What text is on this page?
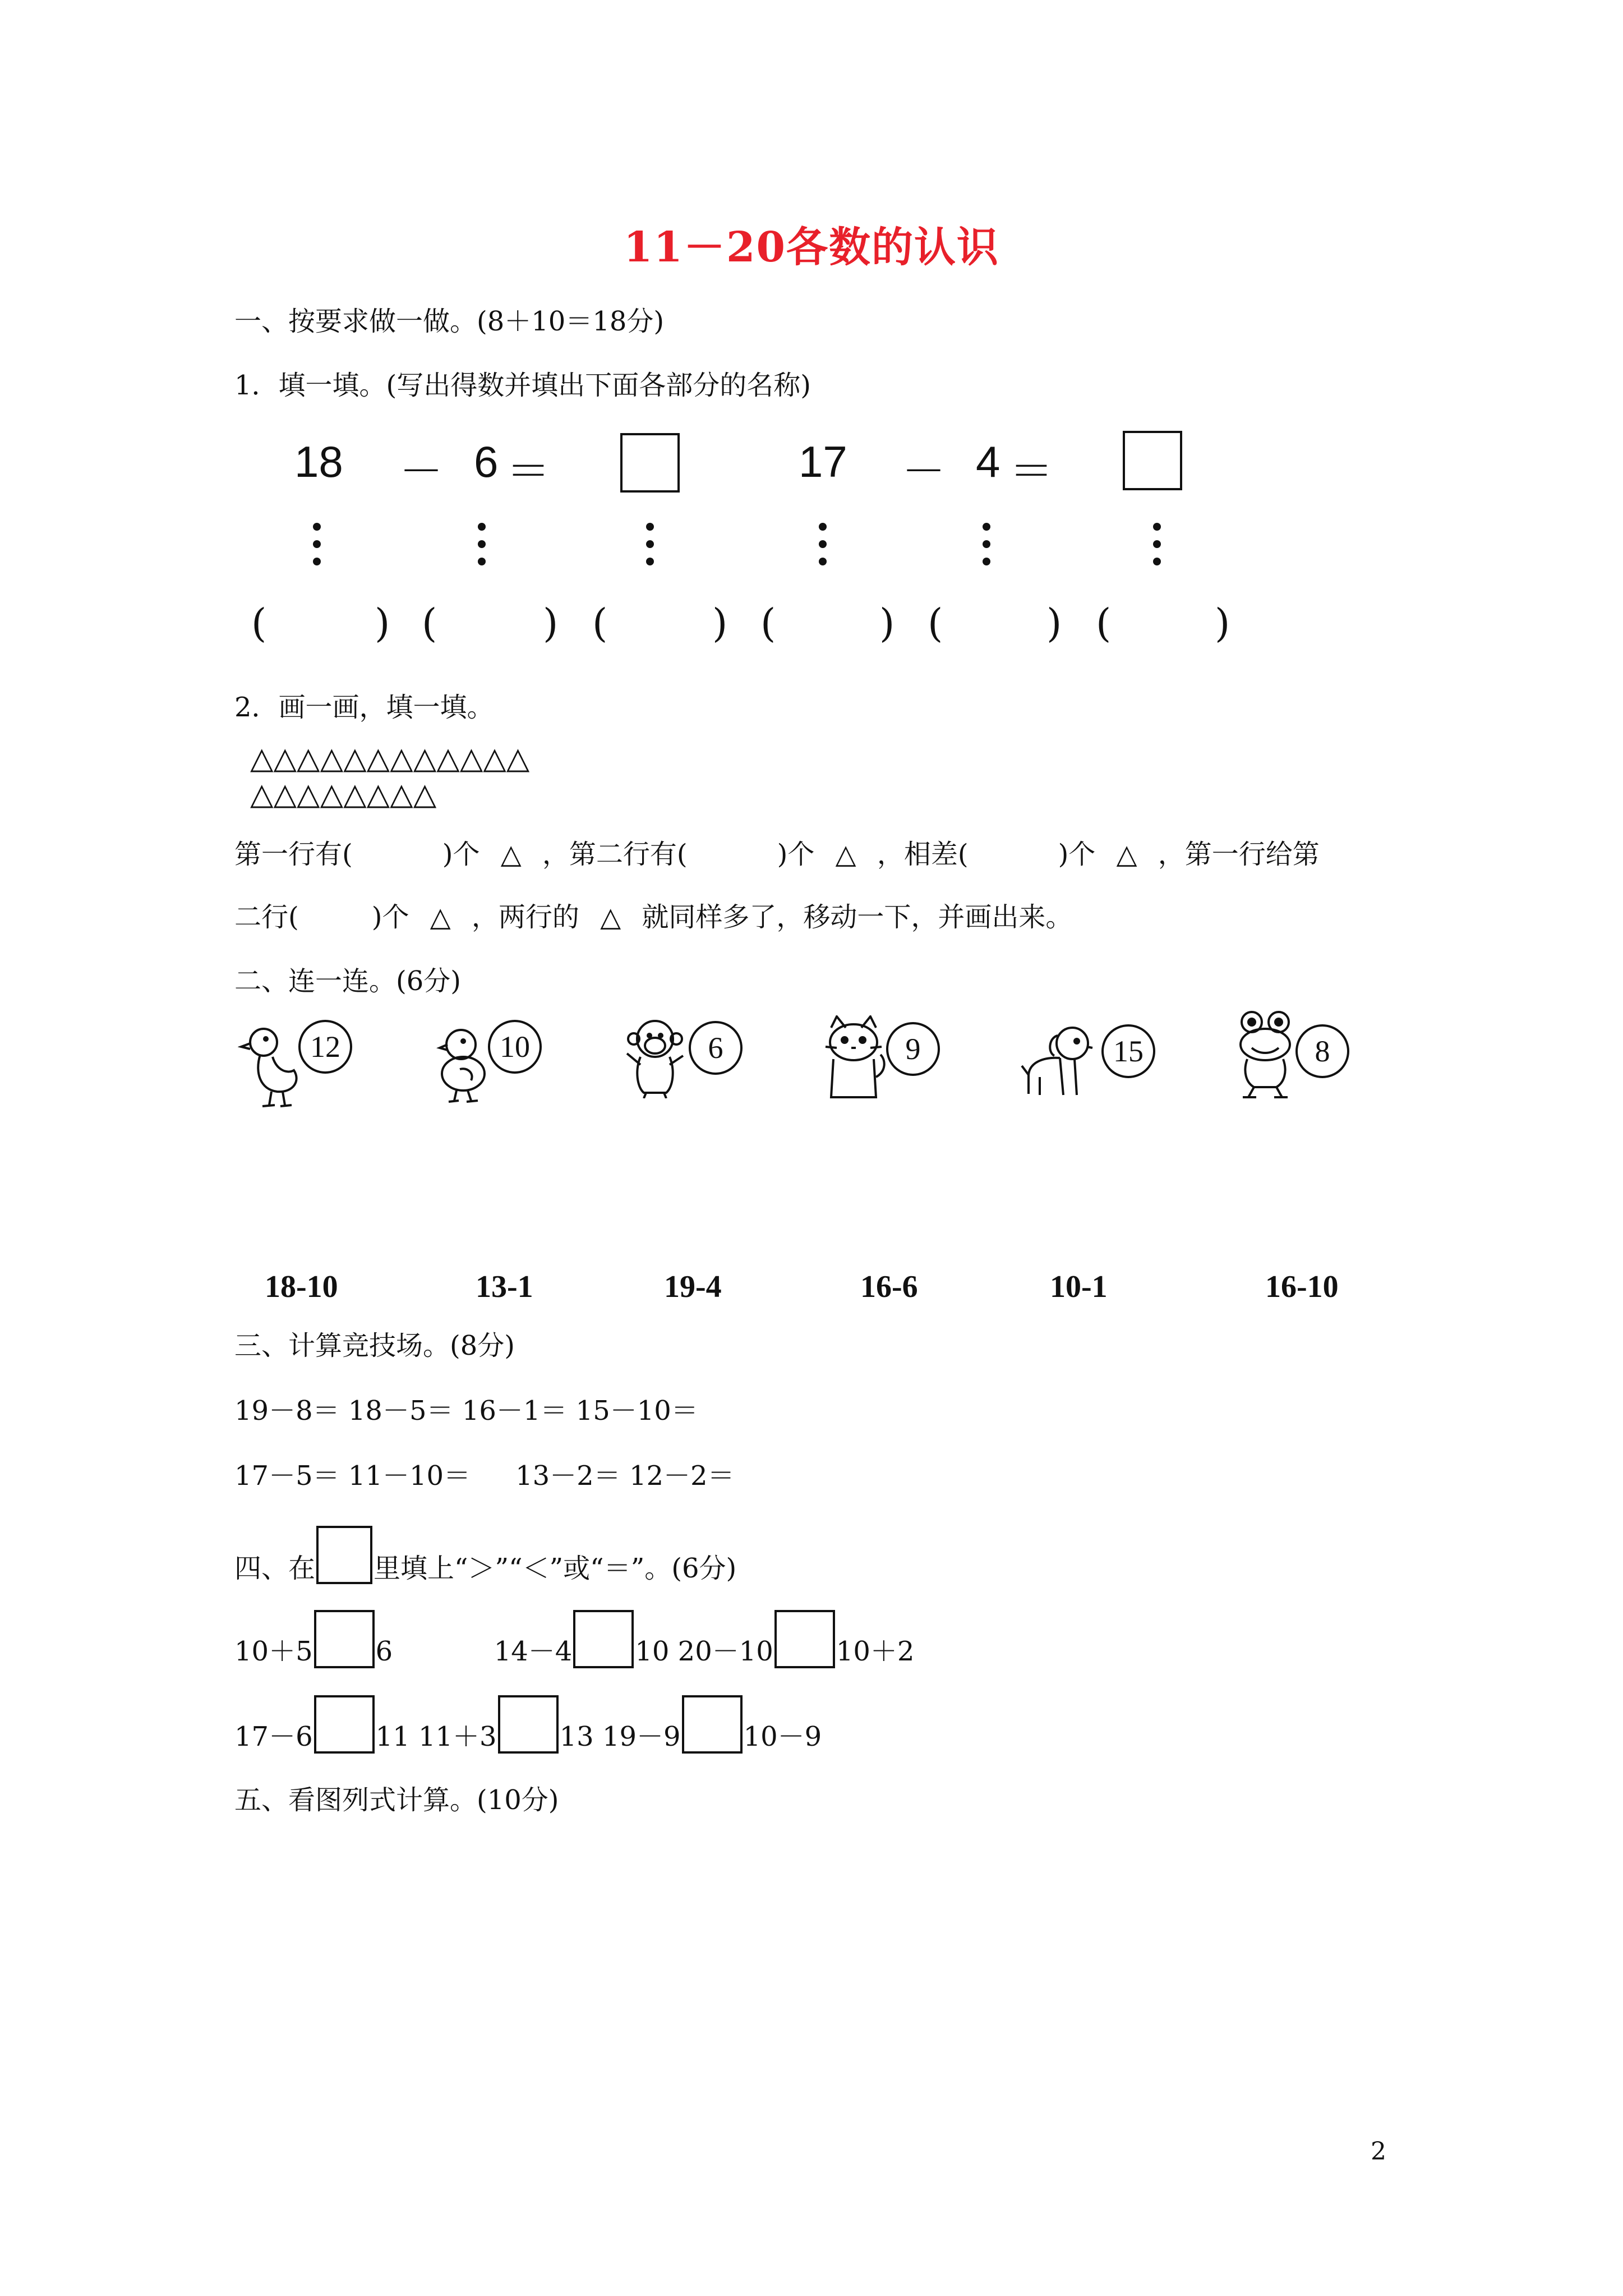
11－20各数的认识
一、按要求做一做。(8＋10＝18分)
1．填一填。(写出得数并填出下面各部分的名称)
18 － 6 ＝	17 － 4 ＝
(	) (	) (	) (	) (	) (	)
2．画一画，填一填。
△△△△△△△△△△△△
△△△△△△△△
第一行有(	)个 △ ，第二行有(	)个 △ ，相差(	)个 △ ，第一行给第
二行(	)个 △ ，两行的 △ 就同样多了，移动一下，并画出来。
二、连一连。(6分)
12	10	6	9	15	8
18-10	13-1	19-4	16-6	10-1	16-10
三、计算竞技场。(8分)
19－8＝ 18－5＝ 16－1＝ 15－10＝
17－5＝ 11－10＝ 13－2＝ 12－2＝
四、在 里填上“＞”“＜”或“＝”。(6分)
10＋5 6	14－4 10 20－10 10＋2
17－6 11 11＋3 13 19－9 10－9
五、看图列式计算。(10分)
2
